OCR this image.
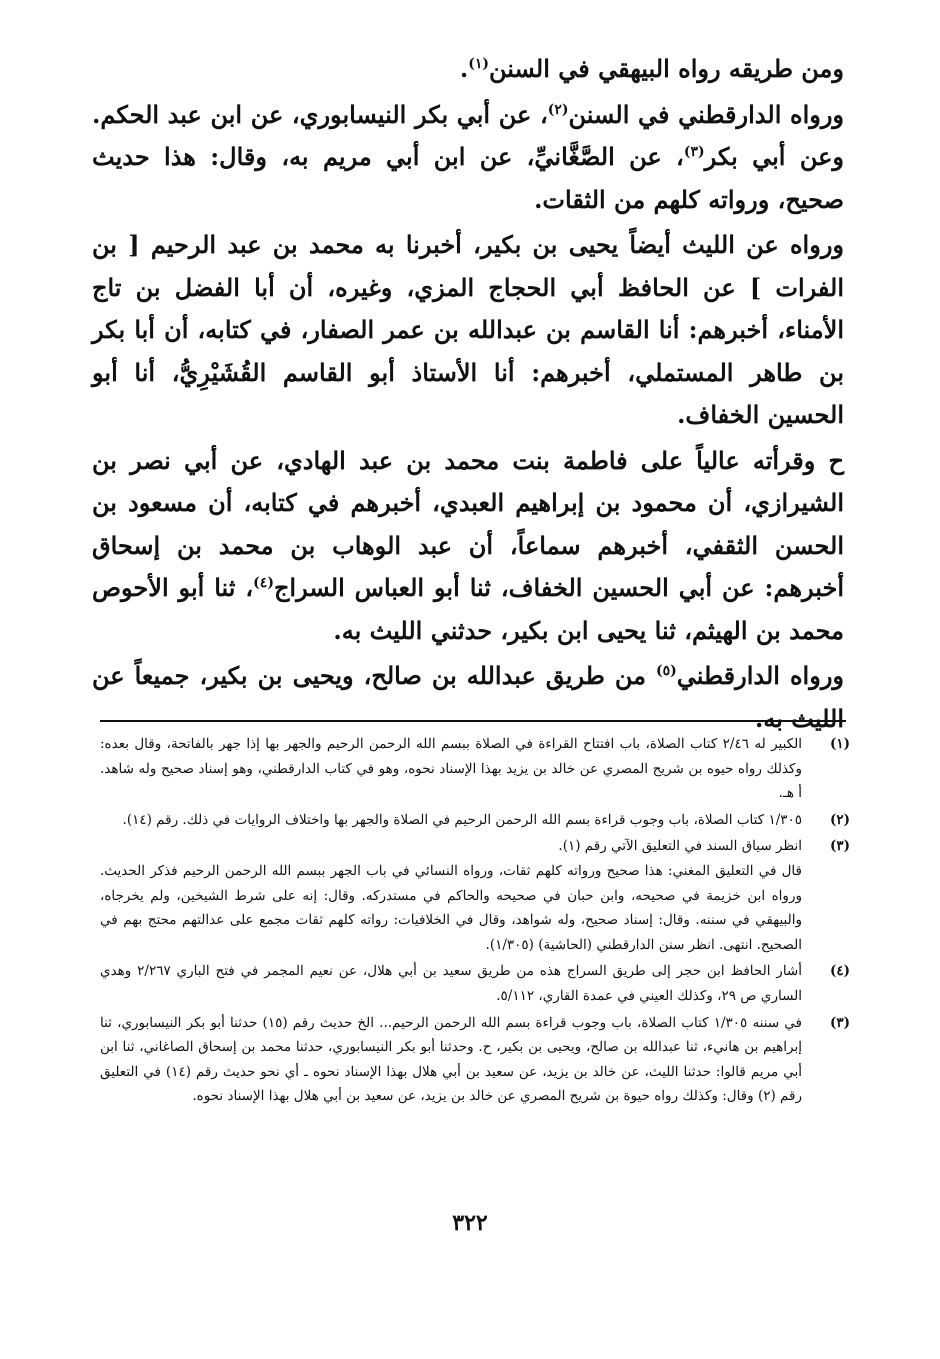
ومن طريقه رواه البيهقي في السنن$^{(١)}$.

ورواه الدارقطني في السنن$^{(٢)}$، عن أبي بكر النيسابوري، عن ابن عبد الحكم. وعن أبي بكر$^{(٣)}$، عن الصَّغَّانيِّ، عن ابن أبي مريم به، وقال: هذا حديث صحيح، ورواته كلهم من الثقات.

ورواه عن الليث أيضاً يحيى بن بكير، أخبرنا به محمد بن عبد الرحيم [ بن الفرات ] عن الحافظ أبي الحجاج المزي، وغيره، أن أبا الفضل بن تاج الأمناء، أخبرهم: أنا القاسم بن عبدالله بن عمر الصفار، في كتابه، أن أبا بكر بن طاهر المستملي، أخبرهم: أنا الأستاذ أبو القاسم القُشَيْرِيُّ، أنا أبو الحسين الخفاف.

ح وقرأته عالياً على فاطمة بنت محمد بن عبد الهادي، عن أبي نصر بن الشيرازي، أن محمود بن إبراهيم العبدي، أخبرهم في كتابه، أن مسعود بن الحسن الثقفي، أخبرهم سماعاً، أن عبد الوهاب بن محمد بن إسحاق أخبرهم: عن أبي الحسين الخفاف، ثنا أبو العباس السراج$^{(٤)}$، ثنا أبو الأحوص محمد بن الهيثم، ثنا يحيى ابن بكير، حدثني الليث به.

ورواه الدارقطني$^{(٥)}$ من طريق عبدالله بن صالح، ويحيى بن بكير، جميعاً عن الليث به.

(١)

الكبير له ٢/٤٦ كتاب الصلاة، باب افتتاح القراءة في الصلاة ببسم الله الرحمن الرحيم والجهر بها إذا جهر بالفاتحة، وقال بعده: وكذلك رواه حيوه بن شريح المصري عن خالد بن يزيد بهذا الإسناد نحوه، وهو في كتاب الدارقطني، وهو إسناد صحيح وله شاهد. أ هـ.

(٢)

١/٣٠٥ كتاب الصلاة، باب وجوب قراءة بسم الله الرحمن الرحيم في الصلاة والجهر بها واختلاف الروايات في ذلك. رقم (١٤).

(٣)

انظر سياق السند في التعليق الآتي رقم (١).

قال في التعليق المغني: هذا صحيح ورواته كلهم ثقات، ورواه النسائي في باب الجهر ببسم الله الرحمن الرحيم فذكر الحديث. ورواه ابن خزيمة في صحيحه، وابن حبان في صحيحه والحاكم في مستدركه. وقال: إنه على شرط الشيخين، ولم يخرجاه، والبيهقي في سننه. وقال: إسناد صحيح، وله شواهد، وقال في الخلافيات: رواته كلهم ثقات مجمع على عدالتهم محتج بهم في الصحيح. انتهى. انظر سنن الدارقطني (الحاشية) (١/٣٠٥).

(٤)

أشار الحافظ ابن حجر إلى طريق السراج هذه من طريق سعيد بن أبي هلال، عن نعيم المجمر في فتح الباري ٢/٢٦٧ وهدي الساري ص ٢٩، وكذلك العيني في عمدة القاري، ٥/١١٢.

(٣)

في سننه ١/٣٠٥ كتاب الصلاة، باب وجوب قراءة بسم الله الرحمن الرحيم... الخ حديث رقم (١٥) حدثنا أبو بكر النيسابوري، ثنا إبراهيم بن هانيء، ثنا عبدالله بن صالح، ويحيى بن بكير، ح. وحدثنا أبو بكر النيسابوري، حدثنا محمد بن إسحاق الصاغاني، ثنا ابن أبي مريم قالوا: حدثنا الليث، عن خالد بن يزيد، عن سعيد بن أبي هلال بهذا الإسناد نحوه ـ أي نحو حديث رقم (١٤) في التعليق رقم (٢) وقال: وكذلك رواه حيوة بن شريح المصري عن خالد بن يزيد، عن سعيد بن أبي هلال بهذا الإسناد نحوه.

٣٢٢
